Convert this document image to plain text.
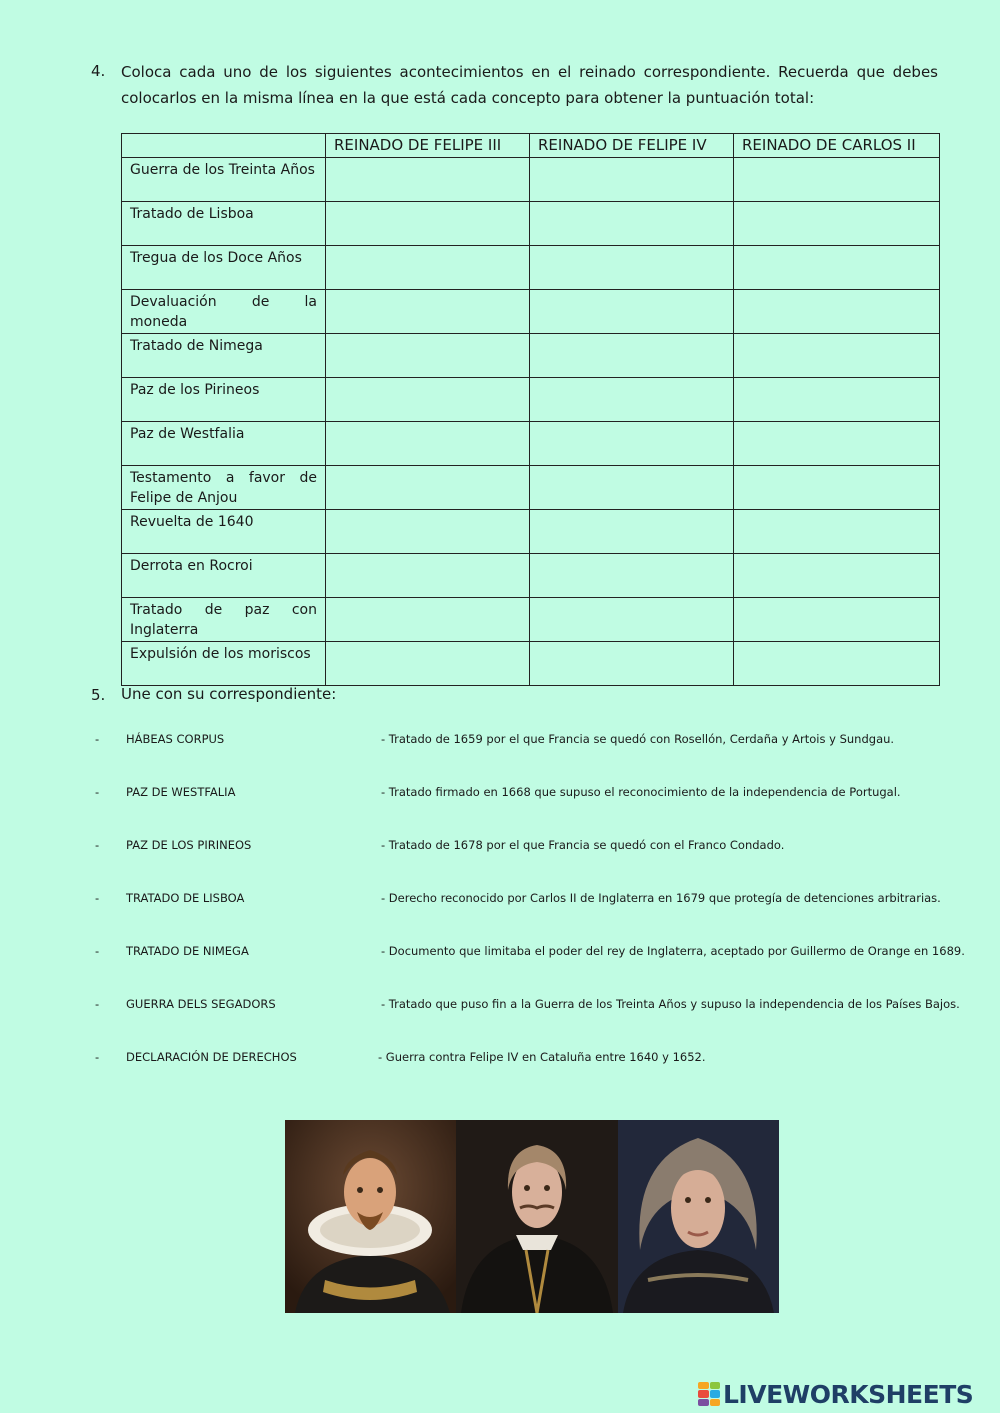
4. Coloca cada uno de los siguientes acontecimientos en el reinado correspondiente. Recuerda que debes colocarlos en la misma línea en la que está cada concepto para obtener la puntuación total:
	REINADO DE FELIPE III	REINADO DE FELIPE IV	REINADO DE CARLOS II
Guerra de los Treinta Años			
Tratado de Lisboa			
Tregua de los Doce Años			
Devaluación de la moneda			
Tratado de Nimega			
Paz de los Pirineos			
Paz de Westfalia			
Testamento a favor de Felipe de Anjou			
Revuelta de 1640			
Derrota en Rocroi			
Tratado de paz con Inglaterra			
Expulsión de los moriscos			
5. Une con su correspondiente:
- HÁBEAS CORPUS	- Tratado de 1659 por el que Francia se quedó con Rosellón, Cerdaña y Artois y Sundgau.
- PAZ DE WESTFALIA	- Tratado firmado en 1668 que supuso el reconocimiento de la independencia de Portugal.
- PAZ DE LOS PIRINEOS	- Tratado de 1678 por el que Francia se quedó con el Franco Condado.
- TRATADO DE LISBOA	- Derecho reconocido por Carlos II de Inglaterra en 1679 que protegía de detenciones arbitrarias.
- TRATADO DE NIMEGA	- Documento que limitaba el poder del rey de Inglaterra, aceptado por Guillermo de Orange en 1689.
- GUERRA DELS SEGADORS	- Tratado que puso fin a la Guerra de los Treinta Años y supuso la independencia de los Países Bajos.
- DECLARACIÓN DE DERECHOS	- Guerra contra Felipe IV en Cataluña entre 1640 y 1652.
LIVEWORKSHEETS
